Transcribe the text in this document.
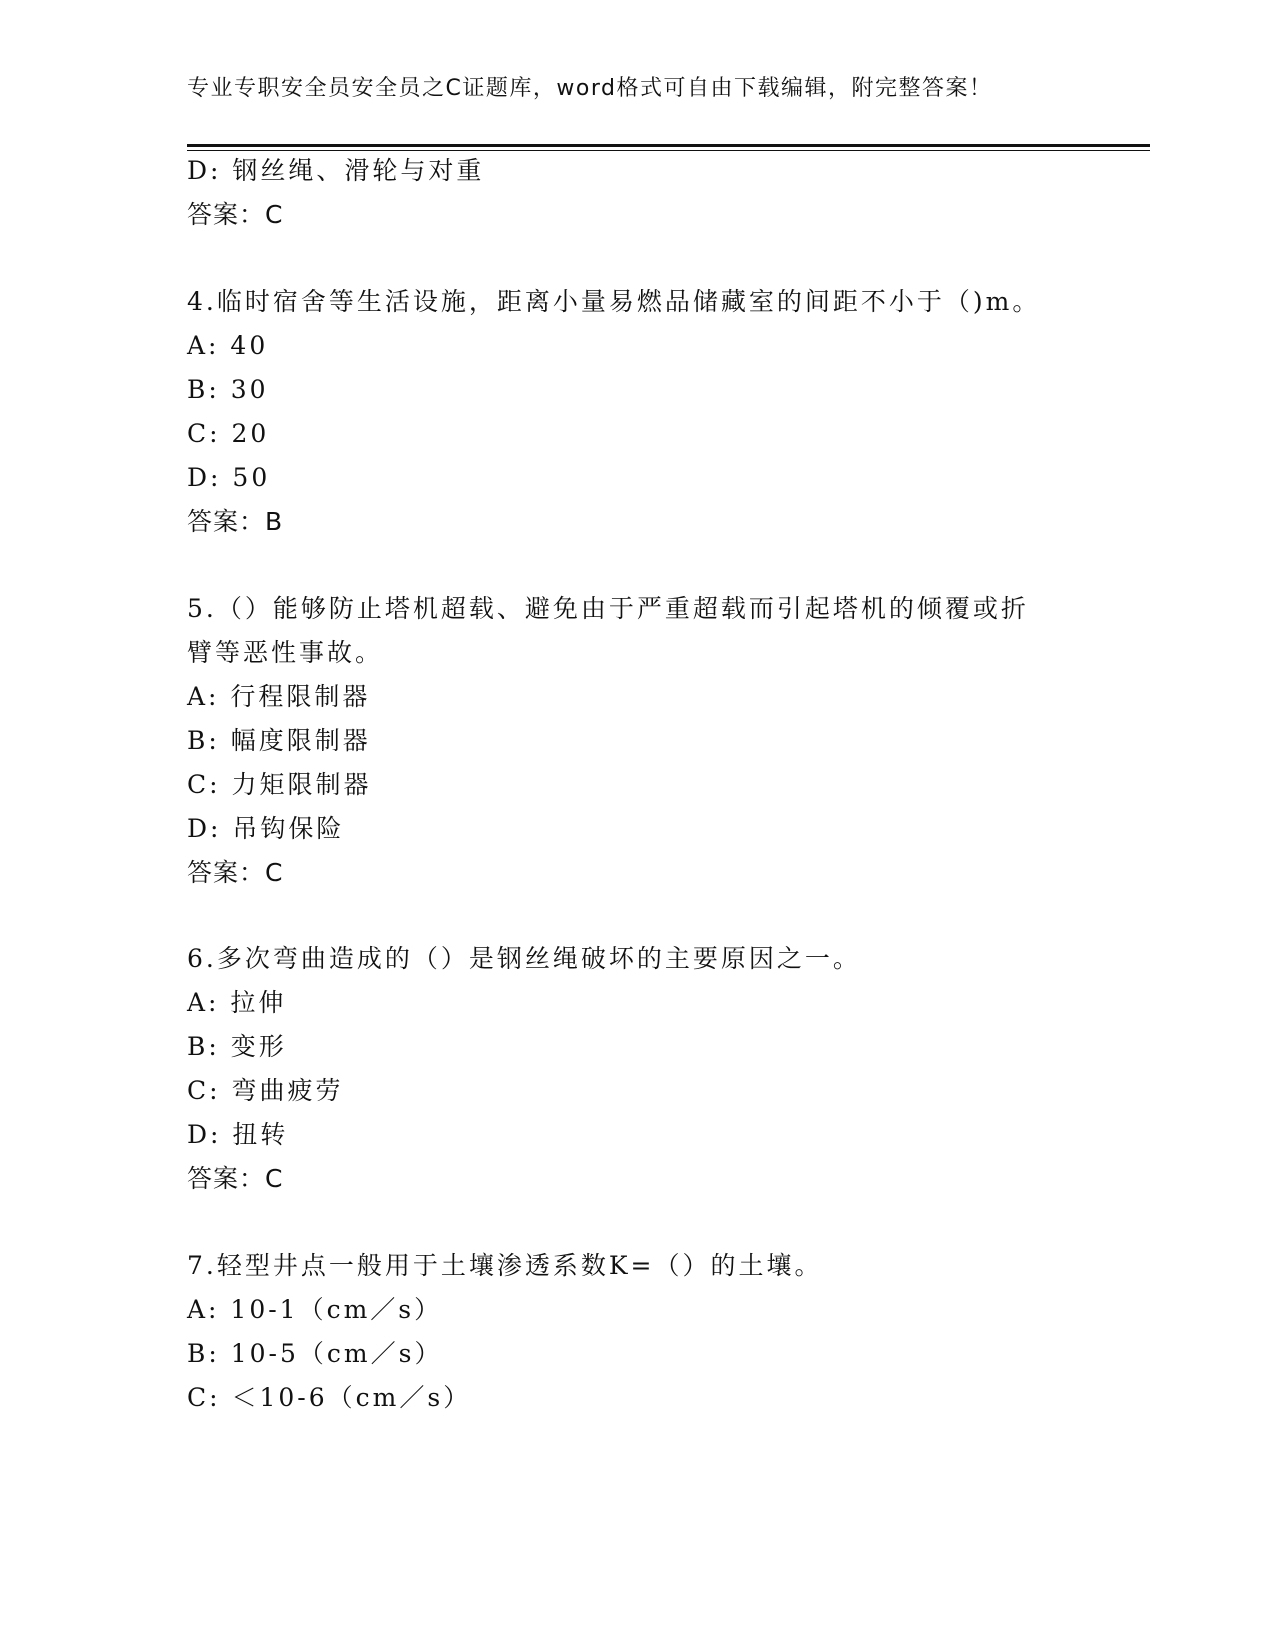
专业专职安全员安全员之C证题库，word格式可自由下载编辑，附完整答案！
D: 钢丝绳、滑轮与对重
答案：C
4.临时宿舍等生活设施，距离小量易燃品储藏室的间距不小于（)m。
A: 40
B: 30
C: 20
D: 50
答案：B
5.（）能够防止塔机超载、避免由于严重超载而引起塔机的倾覆或折
臂等恶性事故。
A: 行程限制器
B: 幅度限制器
C: 力矩限制器
D: 吊钩保险
答案：C
6.多次弯曲造成的（）是钢丝绳破坏的主要原因之一。
A: 拉伸
B: 变形
C: 弯曲疲劳
D: 扭转
答案：C
7.轻型井点一般用于土壤渗透系数K=（）的土壤。
A: 10-1（cm／s）
B: 10-5（cm／s）
C: ＜10-6（cm／s）
